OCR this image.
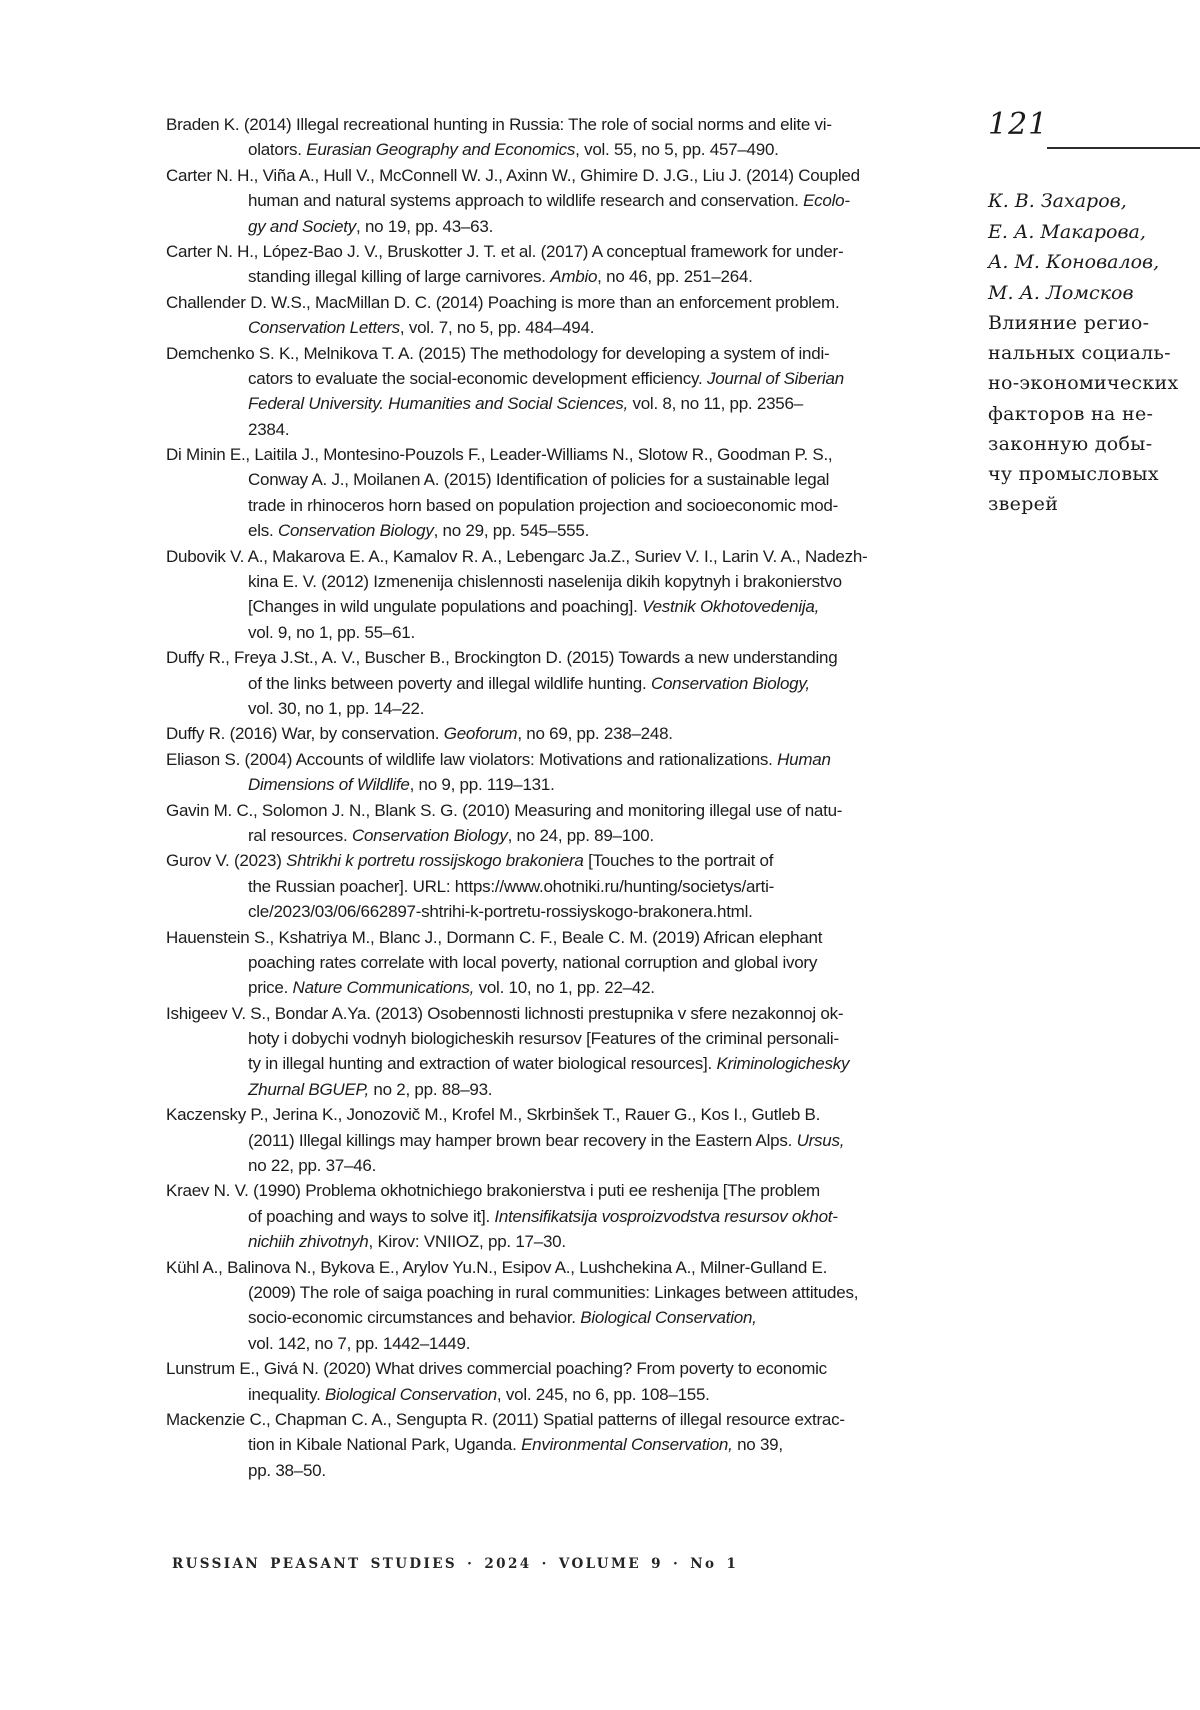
Braden K. (2014) Illegal recreational hunting in Russia: The role of social norms and elite vi-
olators. Eurasian Geography and Economics, vol. 55, no 5, pp. 457–490.
Carter N. H., Viña A., Hull V., McConnell W. J., Axinn W., Ghimire D. J.G., Liu J. (2014) Coupled
human and natural systems approach to wildlife research and conservation. Ecolo-
gy and Society, no 19, pp. 43–63.
Carter N. H., López-Bao J. V., Bruskotter J. T. et al. (2017) A conceptual framework for under-
standing illegal killing of large carnivores. Ambio, no 46, pp. 251–264.
Challender D. W.S., MacMillan D. C. (2014) Poaching is more than an enforcement problem.
Conservation Letters, vol. 7, no 5, pp. 484–494.
Demchenko S. K., Melnikova T. A. (2015) The methodology for developing a system of indi-
cators to evaluate the social-economic development efficiency. Journal of Siberian
Federal University. Humanities and Social Sciences, vol. 8, no 11, pp. 2356–
2384.
Di Minin E., Laitila J., Montesino-Pouzols F., Leader-Williams N., Slotow R., Goodman P. S.,
Conway A. J., Moilanen A. (2015) Identification of policies for a sustainable legal
trade in rhinoceros horn based on population projection and socioeconomic mod-
els. Conservation Biology, no 29, pp. 545–555.
Dubovik V. A., Makarova E. A., Kamalov R. A., Lebengarc Ja.Z., Suriev V. I., Larin V. A., Nadezh-
kina E. V. (2012) Izmenenija chislennosti naselenija dikih kopytnyh i brakonierstvo
[Changes in wild ungulate populations and poaching]. Vestnik Okhotovedenija,
vol. 9, no 1, pp. 55–61.
Duffy R., Freya J.St., A. V., Buscher B., Brockington D. (2015) Towards a new understanding
of the links between poverty and illegal wildlife hunting. Conservation Biology,
vol. 30, no 1, pp. 14–22.
Duffy R. (2016) War, by conservation. Geoforum, no 69, pp. 238–248.
Eliason S. (2004) Accounts of wildlife law violators: Motivations and rationalizations. Human
Dimensions of Wildlife, no 9, pp. 119–131.
Gavin M. C., Solomon J. N., Blank S. G. (2010) Measuring and monitoring illegal use of natu-
ral resources. Conservation Biology, no 24, pp. 89–100.
Gurov V. (2023) Shtrikhi k portretu rossijskogo brakoniera [Touches to the portrait of
the Russian poacher]. URL: https://www.ohotniki.ru/hunting/societys/arti-
cle/2023/03/06/662897-shtrihi-k-portretu-rossiyskogo-brakonera.html.
Hauenstein S., Kshatriya M., Blanc J., Dormann C. F., Beale C. M. (2019) African elephant
poaching rates correlate with local poverty, national corruption and global ivory
price. Nature Communications, vol. 10, no 1, pp. 22–42.
Ishigeev V. S., Bondar A.Ya. (2013) Osobennosti lichnosti prestupnika v sfere nezakonnoj ok-
hoty i dobychi vodnyh biologicheskih resursov [Features of the criminal personali-
ty in illegal hunting and extraction of water biological resources]. Kriminologichesky
Zhurnal BGUEP, no 2, pp. 88–93.
Kaczensky P., Jerina K., Jonozovič M., Krofel M., Skrbinšek T., Rauer G., Kos I., Gutleb B.
(2011) Illegal killings may hamper brown bear recovery in the Eastern Alps. Ursus,
no 22, pp. 37–46.
Kraev N. V. (1990) Problema okhotnichiego brakonierstva i puti ee reshenija [The problem
of poaching and ways to solve it]. Intensifikatsija vosproizvodstva resursov okhot-
nichiih zhivotnyh, Kirov: VNIIOZ, pp. 17–30.
Kühl A., Balinova N., Bykova E., Arylov Yu.N., Esipov A., Lushchekina A., Milner-Gulland E.
(2009) The role of saiga poaching in rural communities: Linkages between attitudes,
socio-economic circumstances and behavior. Biological Conservation,
vol. 142, no 7, pp. 1442–1449.
Lunstrum E., Givá N. (2020) What drives commercial poaching? From poverty to economic
inequality. Biological Conservation, vol. 245, no 6, pp. 108–155.
Mackenzie C., Chapman C. A., Sengupta R. (2011) Spatial patterns of illegal resource extrac-
tion in Kibale National Park, Uganda. Environmental Conservation, no 39,
pp. 38–50.
121
К. В. Захаров,
Е. А. Макарова,
А. М. Коновалов,
М. А. Ломсков
Влияние регио-
нальных социаль-
но-экономических
факторов на не-
законную добы-
чу промысловых
зверей
RUSSIAN PEASANT STUDIES · 2024 · VOLUME 9 · No 1
